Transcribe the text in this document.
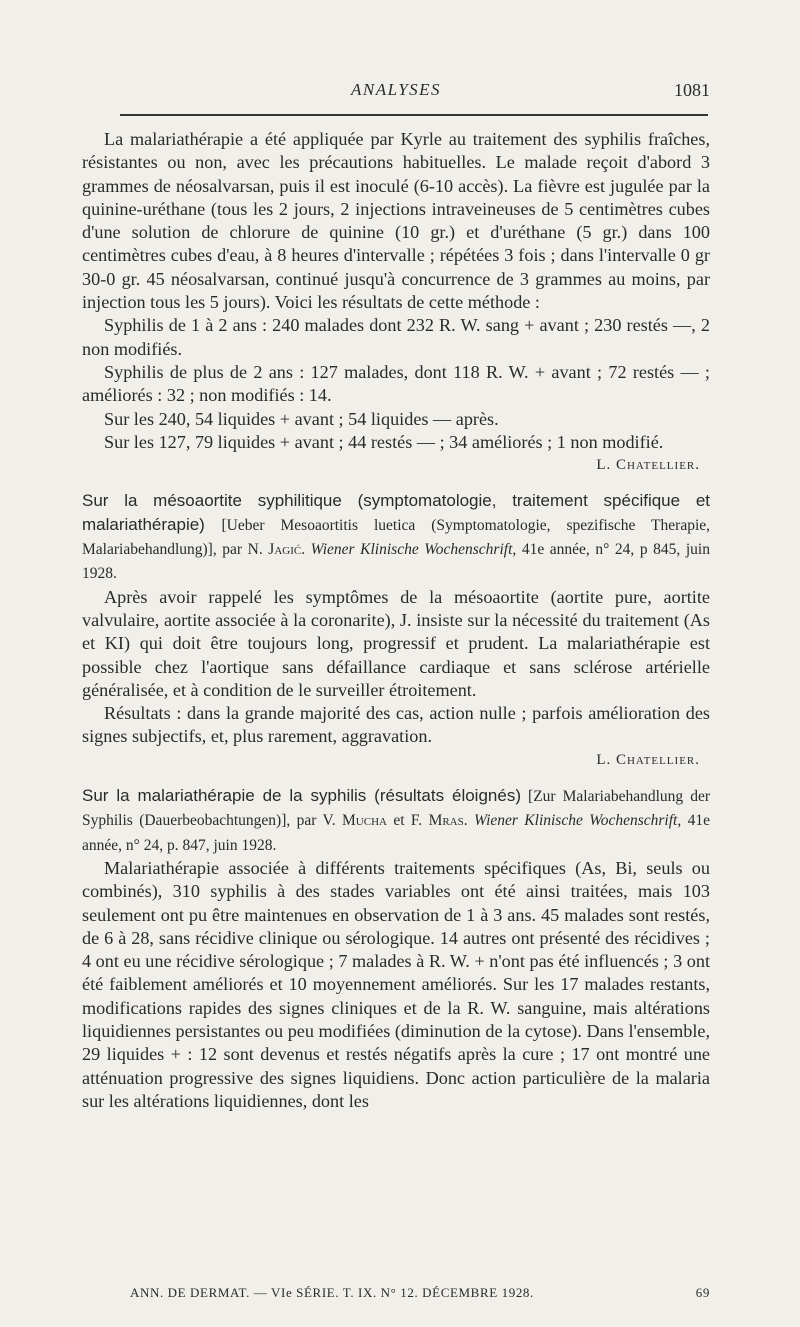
ANALYSES	1081

La malariathérapie a été appliquée par Kyrle au traitement des syphilis fraîches, résistantes ou non, avec les précautions habituelles. Le malade reçoit d'abord 3 grammes de néosalvarsan, puis il est inoculé (6-10 accès). La fièvre est jugulée par la quinine-uréthane (tous les 2 jours, 2 injections intraveineuses de 5 centimètres cubes d'une solution de chlorure de quinine (10 gr.) et d'uréthane (5 gr.) dans 100 centimètres cubes d'eau, à 8 heures d'intervalle ; répétées 3 fois ; dans l'intervalle 0 gr 30-0 gr. 45 néosalvarsan, continué jusqu'à concurrence de 3 grammes au moins, par injection tous les 5 jours). Voici les résultats de cette méthode :

Syphilis de 1 à 2 ans : 240 malades dont 232 R. W. sang + avant ; 230 restés —, 2 non modifiés.

Syphilis de plus de 2 ans : 127 malades, dont 118 R. W. + avant ; 72 restés — ; améliorés : 32 ; non modifiés : 14.

Sur les 240, 54 liquides + avant ; 54 liquides — après.

Sur les 127, 79 liquides + avant ; 44 restés — ; 34 améliorés ; 1 non modifié.

L. Chatellier.

Sur la mésoaortite syphilitique (symptomatologie, traitement spécifique et malariathérapie) [Ueber Mesoaortitis luetica (Symptomatologie, spezifische Therapie, Malariabehandlung)], par N. Jagić. Wiener Klinische Wochenschrift, 41e année, n° 24, p 845, juin 1928.

Après avoir rappelé les symptômes de la mésoaortite (aortite pure, aortite valvulaire, aortite associée à la coronarite), J. insiste sur la nécessité du traitement (As et KI) qui doit être toujours long, progressif et prudent. La malariathérapie est possible chez l'aortique sans défaillance cardiaque et sans sclérose artérielle généralisée, et à condition de le surveiller étroitement.

Résultats : dans la grande majorité des cas, action nulle ; parfois amélioration des signes subjectifs, et, plus rarement, aggravation.

L. Chatellier.

Sur la malariathérapie de la syphilis (résultats éloignés) [Zur Malariabehandlung der Syphilis (Dauerbeobachtungen)], par V. Mucha et F. Mras. Wiener Klinische Wochenschrift, 41e année, n° 24, p. 847, juin 1928.

Malariathérapie associée à différents traitements spécifiques (As, Bi, seuls ou combinés), 310 syphilis à des stades variables ont été ainsi traitées, mais 103 seulement ont pu être maintenues en observation de 1 à 3 ans. 45 malades sont restés, de 6 à 28, sans récidive clinique ou sérologique. 14 autres ont présenté des récidives ; 4 ont eu une récidive sérologique ; 7 malades à R. W. + n'ont pas été influencés ; 3 ont été faiblement améliorés et 10 moyennement améliorés. Sur les 17 malades restants, modifications rapides des signes cliniques et de la R. W. sanguine, mais altérations liquidiennes persistantes ou peu modifiées (diminution de la cytose). Dans l'ensemble, 29 liquides + : 12 sont devenus et restés négatifs après la cure ; 17 ont montré une atténuation progressive des signes liquidiens. Donc action particulière de la malaria sur les altérations liquidiennes, dont les

ANN. DE DERMAT. — VIe SÉRIE. T. IX. N° 12. DÉCEMBRE 1928.	69
